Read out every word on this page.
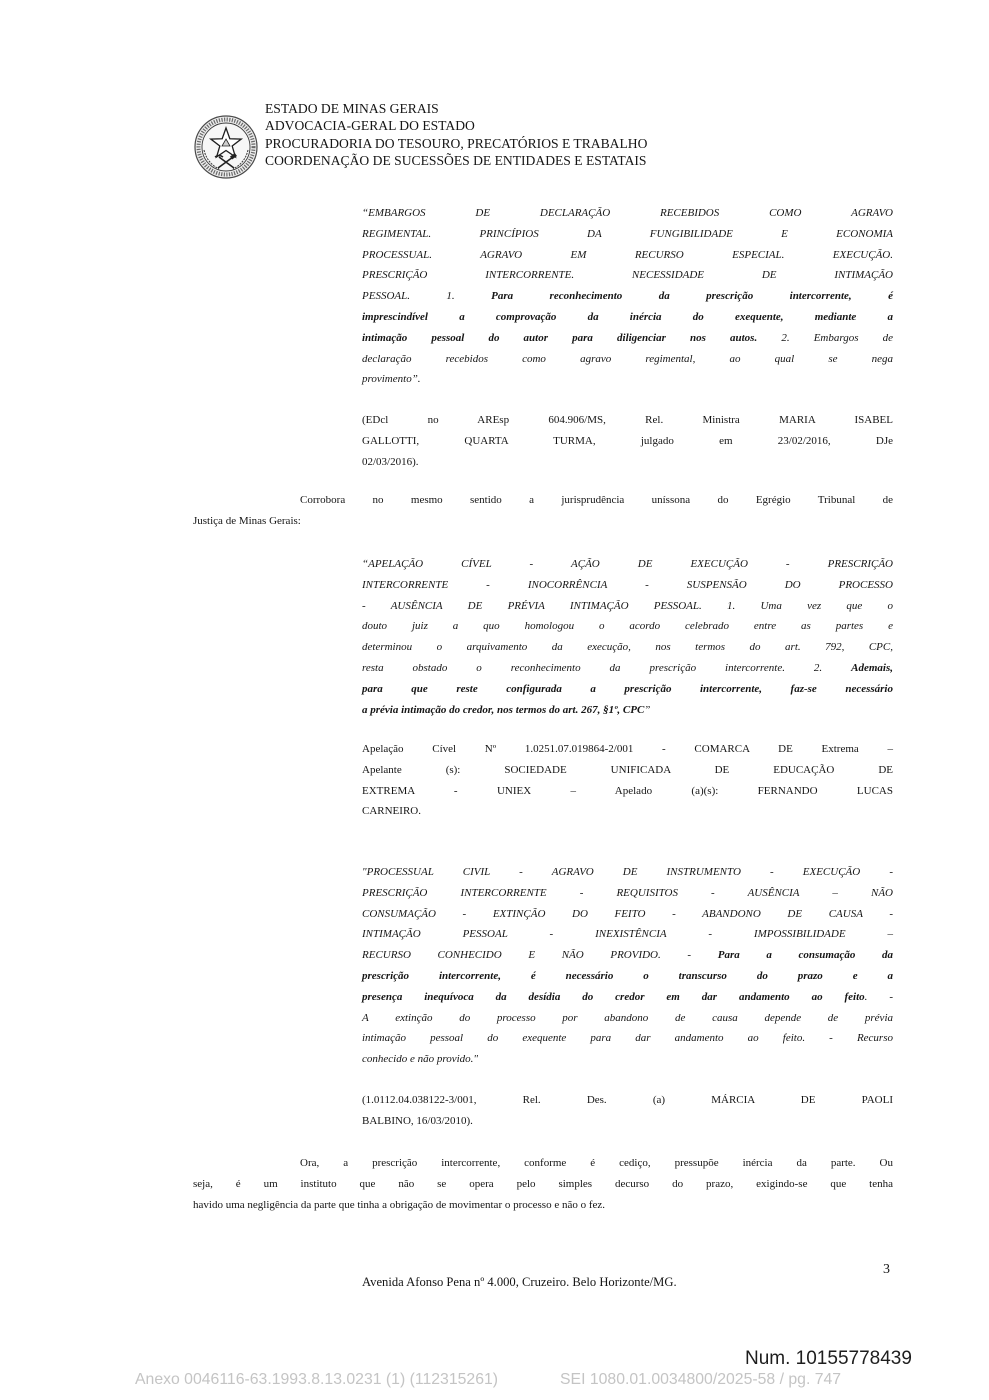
ESTADO DE MINAS GERAIS
ADVOCACIA-GERAL DO ESTADO
PROCURADORIA DO TESOURO, PRECATÓRIOS E TRABALHO
COORDENAÇÃO DE SUCESSÕES DE ENTIDADES E ESTATAIS
“EMBARGOS DE DECLARAÇÃO RECEBIDOS COMO AGRAVO
REGIMENTAL. PRINCÍPIOS DA FUNGIBILIDADE E ECONOMIA
PROCESSUAL. AGRAVO EM RECURSO ESPECIAL. EXECUÇÃO.
PRESCRIÇÃO INTERCORRENTE. NECESSIDADE DE INTIMAÇÃO
PESSOAL. 1. Para reconhecimento da prescrição intercorrente, é
imprescindível a comprovação da inércia do exequente, mediante a
intimação pessoal do autor para diligenciar nos autos. 2. Embargos de
declaração recebidos como agravo regimental, ao qual se nega
provimento”.
(EDcl no AREsp 604.906/MS, Rel. Ministra MARIA ISABEL
GALLOTTI, QUARTA TURMA, julgado em 23/02/2016, DJe
02/03/2016).
Corrobora no mesmo sentido a jurisprudência uníssona do Egrégio Tribunal de
Justiça de Minas Gerais:
“APELAÇÃO CÍVEL - AÇÃO DE EXECUÇÃO - PRESCRIÇÃO
INTERCORRENTE - INOCORRÊNCIA - SUSPENSÃO DO PROCESSO
- AUSÊNCIA DE PRÉVIA INTIMAÇÃO PESSOAL. 1. Uma vez que o
douto juiz a quo homologou o acordo celebrado entre as partes e
determinou o arquivamento da execução, nos termos do art. 792, CPC,
resta obstado o reconhecimento da prescrição intercorrente. 2. Ademais,
para que reste configurada a prescrição intercorrente, faz-se necessário
a prévia intimação do credor, nos termos do art. 267, §1º, CPC”
Apelação Cível Nº 1.0251.07.019864-2/001 - COMARCA DE Extrema –
Apelante (s): SOCIEDADE UNIFICADA DE EDUCAÇÃO DE
EXTREMA - UNIEX – Apelado (a)(s): FERNANDO LUCAS
CARNEIRO.
"PROCESSUAL CIVIL - AGRAVO DE INSTRUMENTO - EXECUÇÃO -
PRESCRIÇÃO INTERCORRENTE - REQUISITOS - AUSÊNCIA – NÃO
CONSUMAÇÃO - EXTINÇÃO DO FEITO - ABANDONO DE CAUSA -
INTIMAÇÃO PESSOAL - INEXISTÊNCIA - IMPOSSIBILIDADE –
RECURSO CONHECIDO E NÃO PROVIDO. - Para a consumação da
prescrição intercorrente, é necessário o transcurso do prazo e a
presença inequívoca da desídia do credor em dar andamento ao feito. -
A extinção do processo por abandono de causa depende de prévia
intimação pessoal do exequente para dar andamento ao feito. - Recurso
conhecido e não provido."
(1.0112.04.038122-3/001, Rel. Des. (a) MÁRCIA DE PAOLI
BALBINO, 16/03/2010).
Ora, a prescrição intercorrente, conforme é cediço, pressupõe inércia da parte. Ou
seja, é um instituto que não se opera pelo simples decurso do prazo, exigindo-se que tenha
havido uma negligência da parte que tinha a obrigação de movimentar o processo e não o fez.
3
Avenida Afonso Pena nº 4.000, Cruzeiro. Belo Horizonte/MG.
Num. 10155778439
Anexo 0046116-63.1993.8.13.0231 (1) (112315261)	SEI 1080.01.0034800/2025-58 / pg. 747
